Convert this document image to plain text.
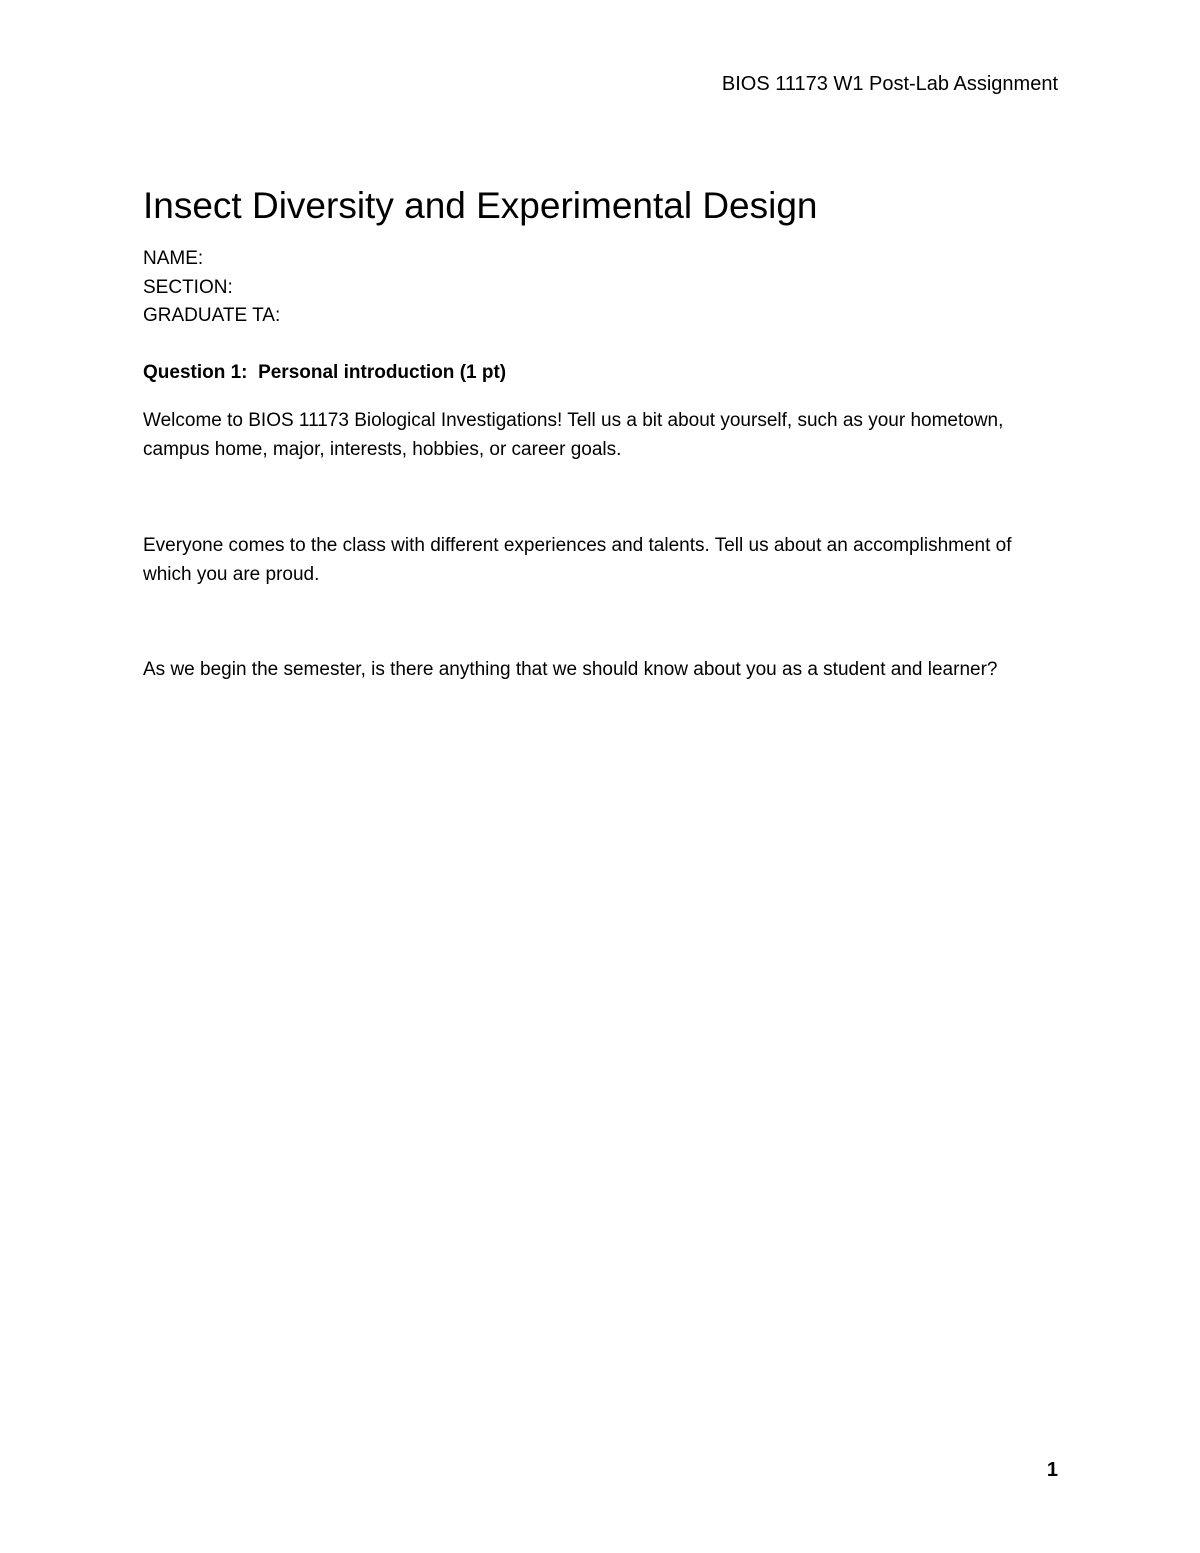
BIOS 11173 W1 Post-Lab Assignment
Insect Diversity and Experimental Design
NAME:
SECTION:
GRADUATE TA:
Question 1:  Personal introduction (1 pt)

Welcome to BIOS 11173 Biological Investigations! Tell us a bit about yourself, such as your hometown, campus home, major, interests, hobbies, or career goals.

Everyone comes to the class with different experiences and talents. Tell us about an accomplishment of which you are proud.

As we begin the semester, is there anything that we should know about you as a student and learner?

1
